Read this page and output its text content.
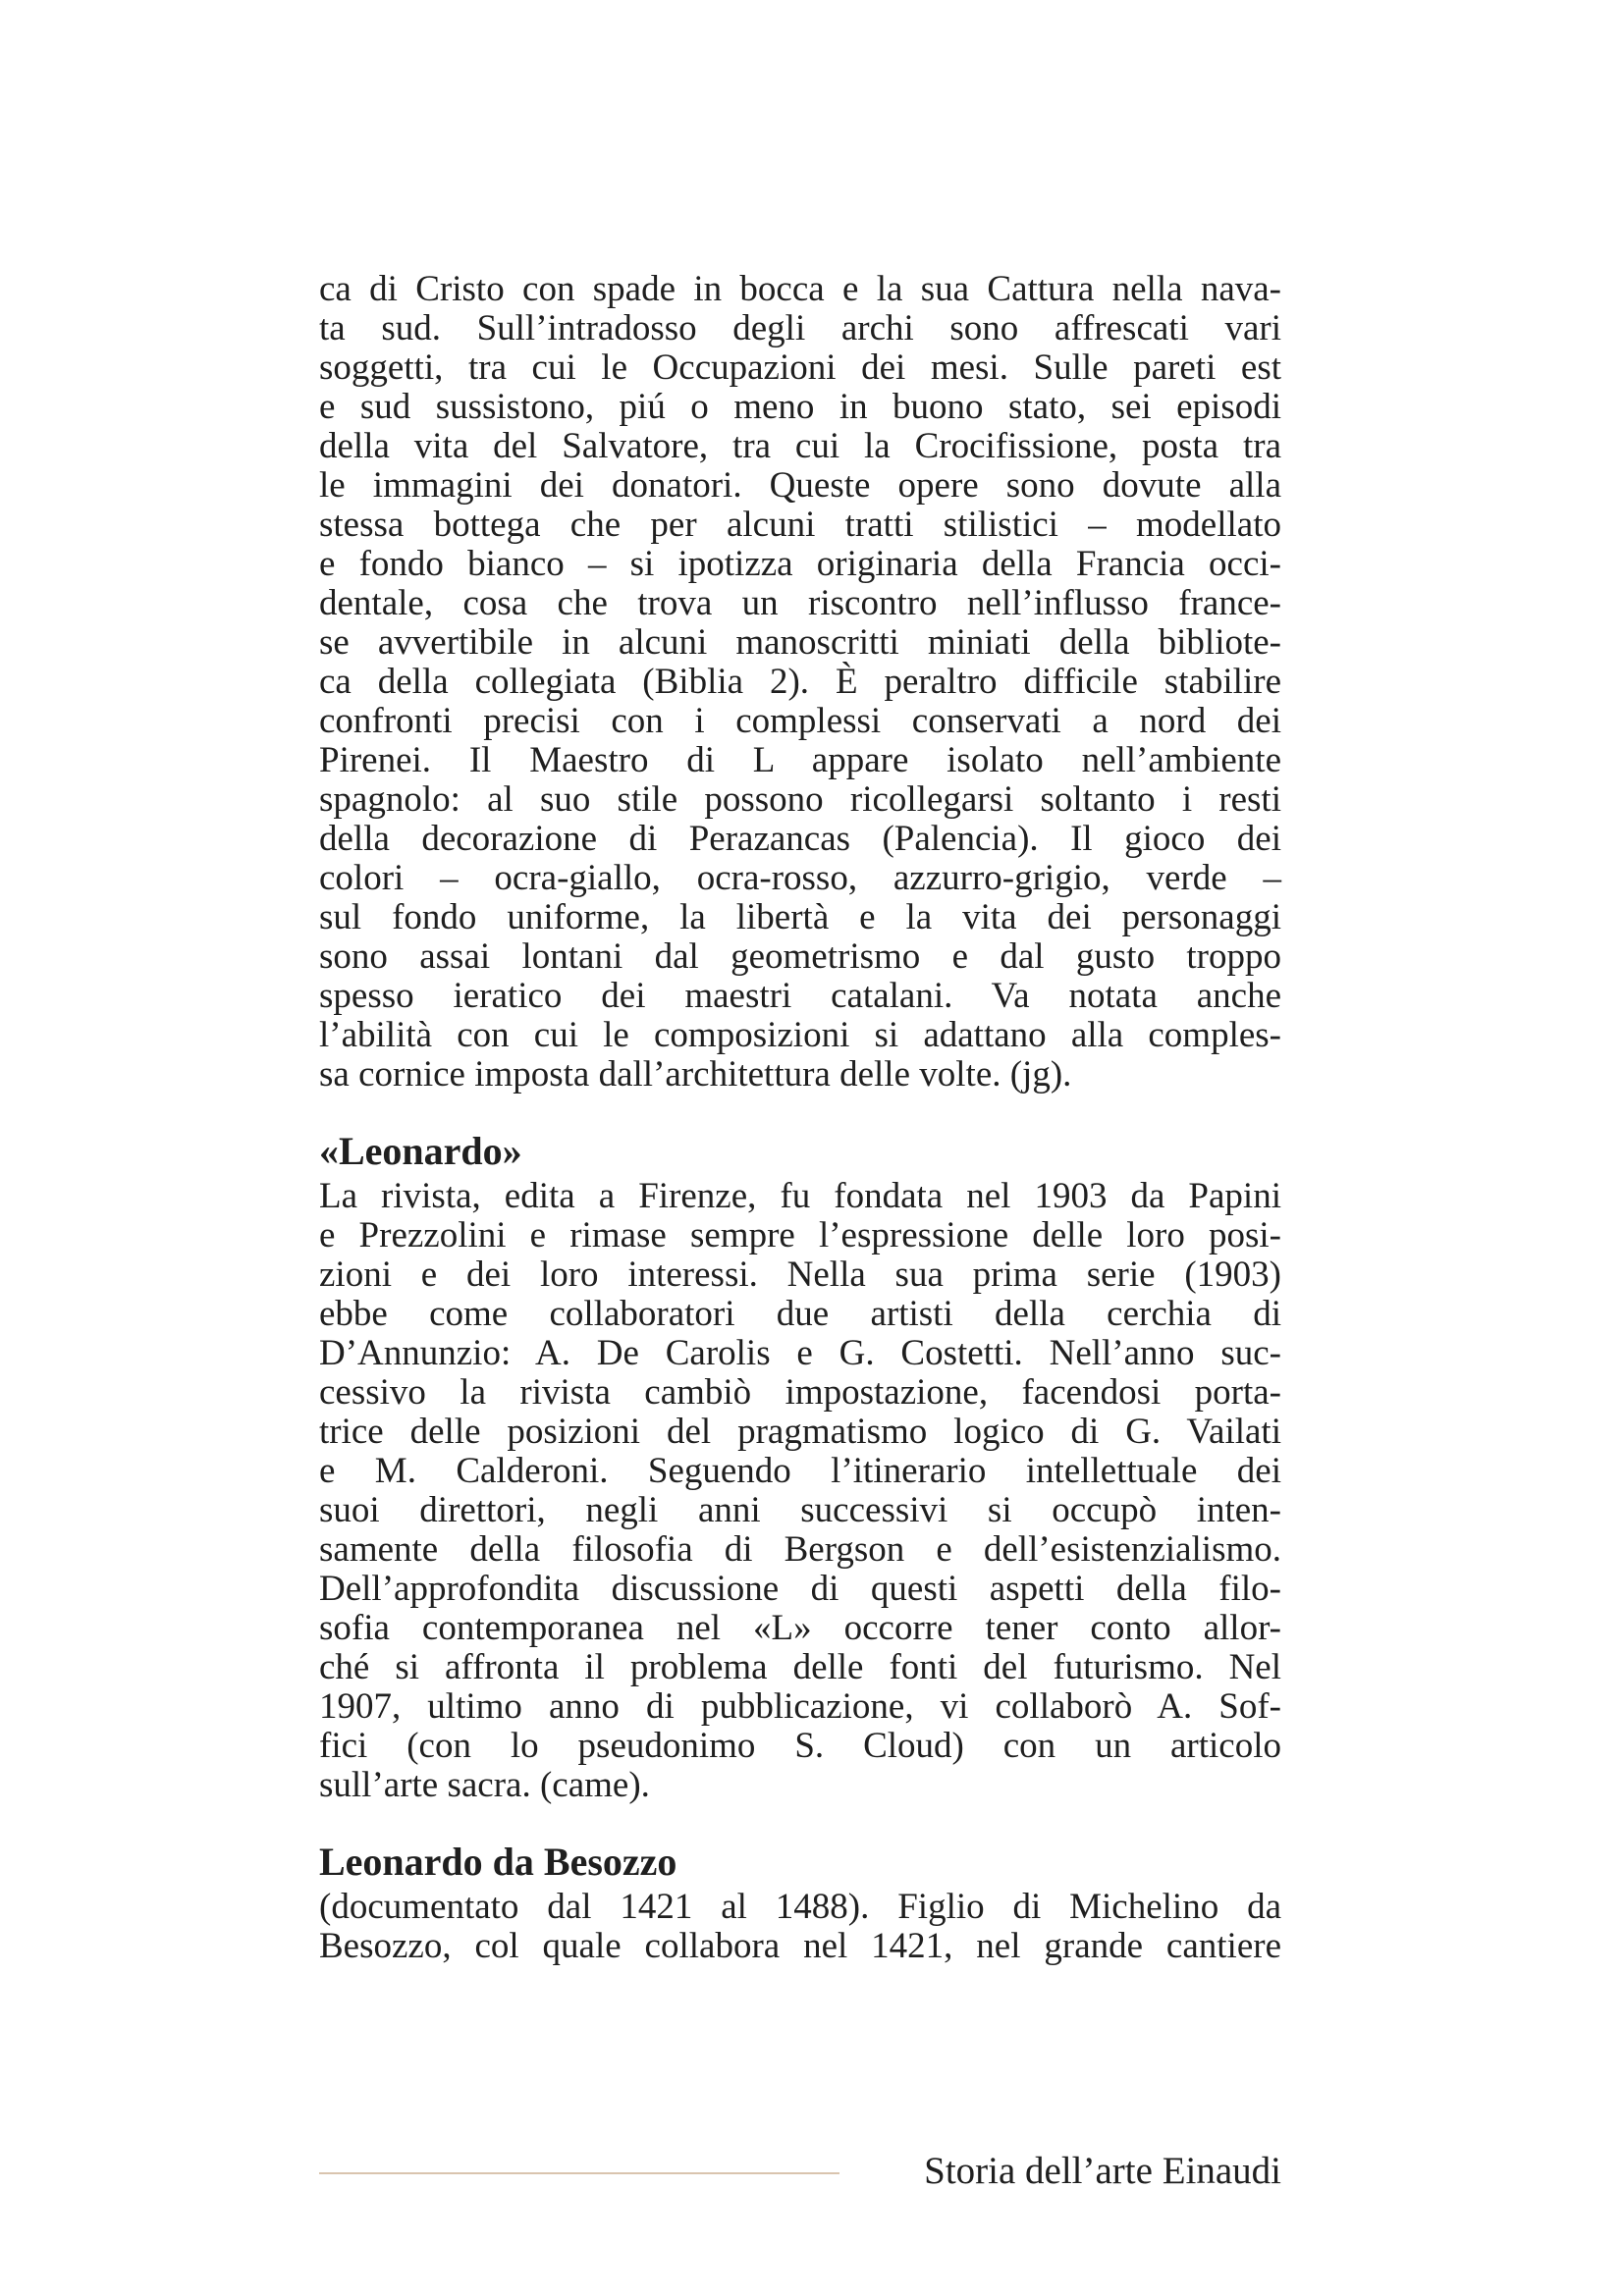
ca di Cristo con spade in bocca e la sua Cattura nella nava-
ta sud. Sull’intradosso degli archi sono affrescati vari
soggetti, tra cui le Occupazioni dei mesi. Sulle pareti est
e sud sussistono, piú o meno in buono stato, sei episodi
della vita del Salvatore, tra cui la Crocifissione, posta tra
le immagini dei donatori. Queste opere sono dovute alla
stessa bottega che per alcuni tratti stilistici – modellato
e fondo bianco – si ipotizza originaria della Francia occi-
dentale, cosa che trova un riscontro nell’influsso france-
se avvertibile in alcuni manoscritti miniati della bibliote-
ca della collegiata (Biblia 2). È peraltro difficile stabilire
confronti precisi con i complessi conservati a nord dei
Pirenei. Il Maestro di L appare isolato nell’ambiente
spagnolo: al suo stile possono ricollegarsi soltanto i resti
della decorazione di Perazancas (Palencia). Il gioco dei
colori – ocra-giallo, ocra-rosso, azzurro-grigio, verde –
sul fondo uniforme, la libertà e la vita dei personaggi
sono assai lontani dal geometrismo e dal gusto troppo
spesso ieratico dei maestri catalani. Va notata anche
l’abilità con cui le composizioni si adattano alla comples-
sa cornice imposta dall’architettura delle volte. (jg).
«Leonardo»
La rivista, edita a Firenze, fu fondata nel 1903 da Papini
e Prezzolini e rimase sempre l’espressione delle loro posi-
zioni e dei loro interessi. Nella sua prima serie (1903)
ebbe come collaboratori due artisti della cerchia di
D’Annunzio: A. De Carolis e G. Costetti. Nell’anno suc-
cessivo la rivista cambiò impostazione, facendosi porta-
trice delle posizioni del pragmatismo logico di G. Vailati
e M. Calderoni. Seguendo l’itinerario intellettuale dei
suoi direttori, negli anni successivi si occupò inten-
samente della filosofia di Bergson e dell’esistenzialismo.
Dell’approfondita discussione di questi aspetti della filo-
sofia contemporanea nel «L» occorre tener conto allor-
ché si affronta il problema delle fonti del futurismo. Nel
1907, ultimo anno di pubblicazione, vi collaborò A. Sof-
fici (con lo pseudonimo S. Cloud) con un articolo
sull’arte sacra. (came).
Leonardo da Besozzo
(documentato dal 1421 al 1488). Figlio di Michelino da
Besozzo, col quale collabora nel 1421, nel grande cantiere
Storia dell’arte Einaudi
